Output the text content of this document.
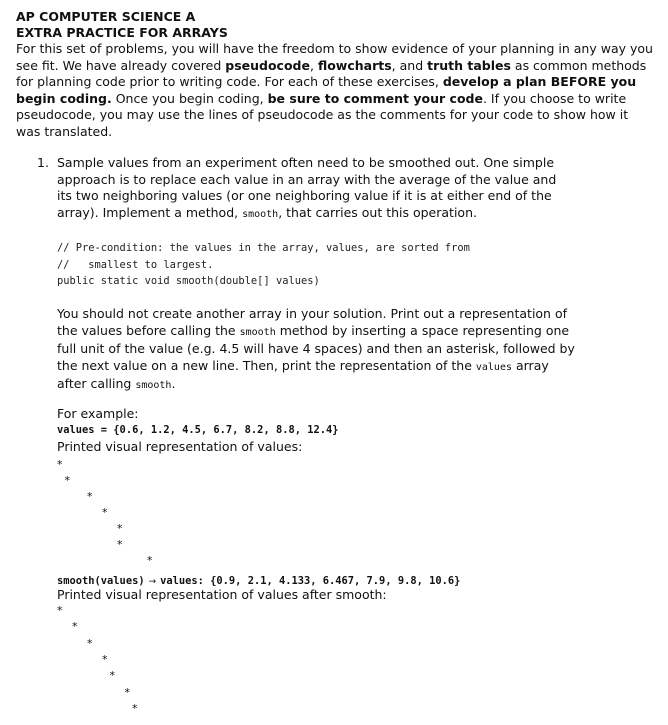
AP COMPUTER SCIENCE A
EXTRA PRACTICE FOR ARRAYS
For this set of problems, you will have the freedom to show evidence of your planning in any way you see fit. We have already covered pseudocode, flowcharts, and truth tables as common methods for planning code prior to writing code. For each of these exercises, develop a plan BEFORE you begin coding. Once you begin coding, be sure to comment your code. If you choose to write pseudocode, you may use the lines of pseudocode as the comments for your code to show how it was translated.
1. Sample values from an experiment often need to be smoothed out. One simple approach is to replace each value in an array with the average of the value and its two neighboring values (or one neighboring value if it is at either end of the array). Implement a method, smooth, that carries out this operation.
// Pre-condition: the values in the array, values, are sorted from
//   smallest to largest.
public static void smooth(double[] values)
You should not create another array in your solution. Print out a representation of the values before calling the smooth method by inserting a space representing one full unit of the value (e.g. 4.5 will have 4 spaces) and then an asterisk, followed by the next value on a new line. Then, print the representation of the values array after calling smooth.
For example:
values = {0.6, 1.2, 4.5, 6.7, 8.2, 8.8, 12.4}
Printed visual representation of values:
*
*
*
*
*
*
*
smooth(values) → values: {0.9, 2.1, 4.133, 6.467, 7.9, 9.8, 10.6}
Printed visual representation of values after smooth:
*
*
*
*
*
*
*
